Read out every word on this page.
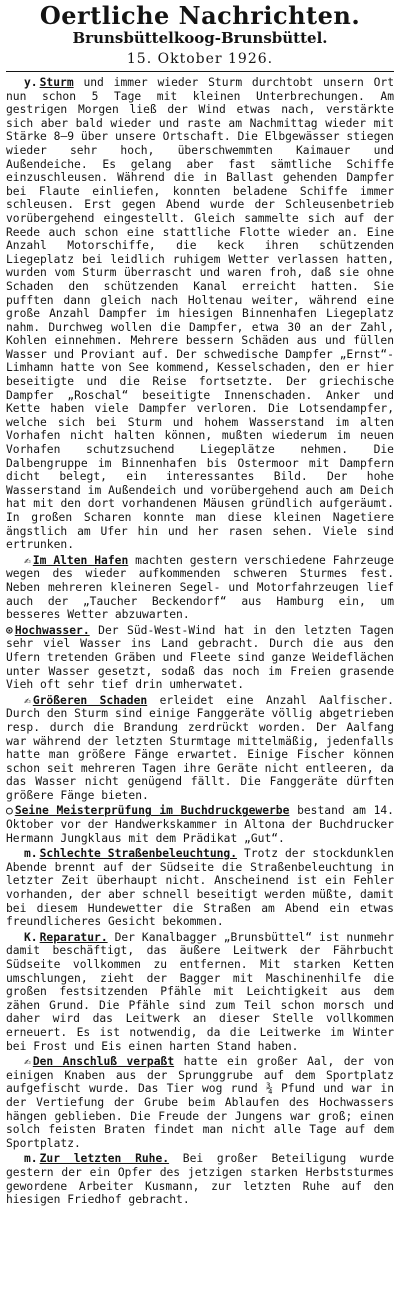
Oertliche Nachrichten.

Brunsbüttelkoog-Brunsbüttel.

15. Oktober 1926.

y. Sturm und immer wieder Sturm durchtobt unsern Ort nun schon 5 Tage mit kleinen Unterbrechungen. Am gestrigen Morgen ließ der Wind etwas nach, verstärkte sich aber bald wieder und raste am Nachmittag wieder mit Stärke 8–9 über unsere Ortschaft. Die Elbgewässer stiegen wieder sehr hoch, überschwemmten Kaimauer und Außendeiche. Es gelang aber fast sämtliche Schiffe einzuschleusen. Während die in Ballast gehenden Dampfer bei Flaute einliefen, konnten beladene Schiffe immer schleusen. Erst gegen Abend wurde der Schleusenbetrieb vorübergehend eingestellt. Gleich sammelte sich auf der Reede auch schon eine stattliche Flotte wieder an. Eine Anzahl Motorschiffe, die keck ihren schützenden Liegeplatz bei leidlich ruhigem Wetter verlassen hatten, wurden vom Sturm überrascht und waren froh, daß sie ohne Schaden den schützenden Kanal erreicht hatten. Sie pufften dann gleich nach Holtenau weiter, während eine große Anzahl Dampfer im hiesigen Binnenhafen Liegeplatz nahm. Durchweg wollen die Dampfer, etwa 30 an der Zahl, Kohlen einnehmen. Mehrere bessern Schäden aus und füllen Wasser und Proviant auf. Der schwedische Dampfer „Ernst“-Limhamn hatte von See kommend, Kesselschaden, den er hier beseitigte und die Reise fortsetzte. Der griechische Dampfer „Roschal“ beseitigte Innenschaden. Anker und Kette haben viele Dampfer verloren. Die Lotsendampfer, welche sich bei Sturm und hohem Wasserstand im alten Vorhafen nicht halten können, mußten wiederum im neuen Vorhafen schutzsuchend Liegeplätze nehmen. Die Dalbengruppe im Binnenhafen bis Ostermoor mit Dampfern dicht belegt, ein interessantes Bild. Der hohe Wasserstand im Außendeich und vorübergehend auch am Deich hat mit den dort vorhandenen Mäusen gründlich aufgeräumt. In großen Scharen konnte man diese kleinen Nagetiere ängstlich am Ufer hin und her rasen sehen. Viele sind ertrunken.

✍ Im Alten Hafen machten gestern verschiedene Fahrzeuge wegen des wieder aufkommenden schweren Sturmes fest. Neben mehreren kleineren Segel- und Motorfahrzeugen lief auch der „Taucher Beckendorf“ aus Hamburg ein, um besseres Wetter abzuwarten.

⊙ Hochwasser. Der Süd-West-Wind hat in den letzten Tagen sehr viel Wasser ins Land gebracht. Durch die aus den Ufern tretenden Gräben und Fleete sind ganze Weideflächen unter Wasser gesetzt, sodaß das noch im Freien grasende Vieh oft sehr tief drin umherwatet.

✍ Größeren Schaden erleidet eine Anzahl Aalfischer. Durch den Sturm sind einige Fanggeräte völlig abgetrieben resp. durch die Brandung zerdrückt worden. Der Aalfang war während der letzten Sturmtage mittelmäßig, jedenfalls hatte man größere Fänge erwartet. Einige Fischer können schon seit mehreren Tagen ihre Geräte nicht entleeren, da das Wasser nicht genügend fällt. Die Fanggeräte dürften größere Fänge bieten.

○ Seine Meisterprüfung im Buchdruckgewerbe bestand am 14. Oktober vor der Handwerkskammer in Altona der Buchdrucker Hermann Jungklaus mit dem Prädikat „Gut“.

m. Schlechte Straßenbeleuchtung. Trotz der stockdunklen Abende brennt auf der Südseite die Straßenbeleuchtung in letzter Zeit überhaupt nicht. Anscheinend ist ein Fehler vorhanden, der aber schnell beseitigt werden müßte, damit bei diesem Hundewetter die Straßen am Abend ein etwas freundlicheres Gesicht bekommen.

K. Reparatur. Der Kanalbagger „Brunsbüttel“ ist nunmehr damit beschäftigt, das äußere Leitwerk der Fährbucht Südseite vollkommen zu entfernen. Mit starken Ketten umschlungen, zieht der Bagger mit Maschinenhilfe die großen festsitzenden Pfähle mit Leichtigkeit aus dem zähen Grund. Die Pfähle sind zum Teil schon morsch und daher wird das Leitwerk an dieser Stelle vollkommen erneuert. Es ist notwendig, da die Leitwerke im Winter bei Frost und Eis einen harten Stand haben.

✍ Den Anschluß verpaßt hatte ein großer Aal, der von einigen Knaben aus der Sprunggrube auf dem Sportplatz aufgefischt wurde. Das Tier wog rund ¾ Pfund und war in der Vertiefung der Grube beim Ablaufen des Hochwassers hängen geblieben. Die Freude der Jungens war groß; einen solch feisten Braten findet man nicht alle Tage auf dem Sportplatz.

m. Zur letzten Ruhe. Bei großer Beteiligung wurde gestern der ein Opfer des jetzigen starken Herbststurmes gewordene Arbeiter Kusmann, zur letzten Ruhe auf den hiesigen Friedhof gebracht.
